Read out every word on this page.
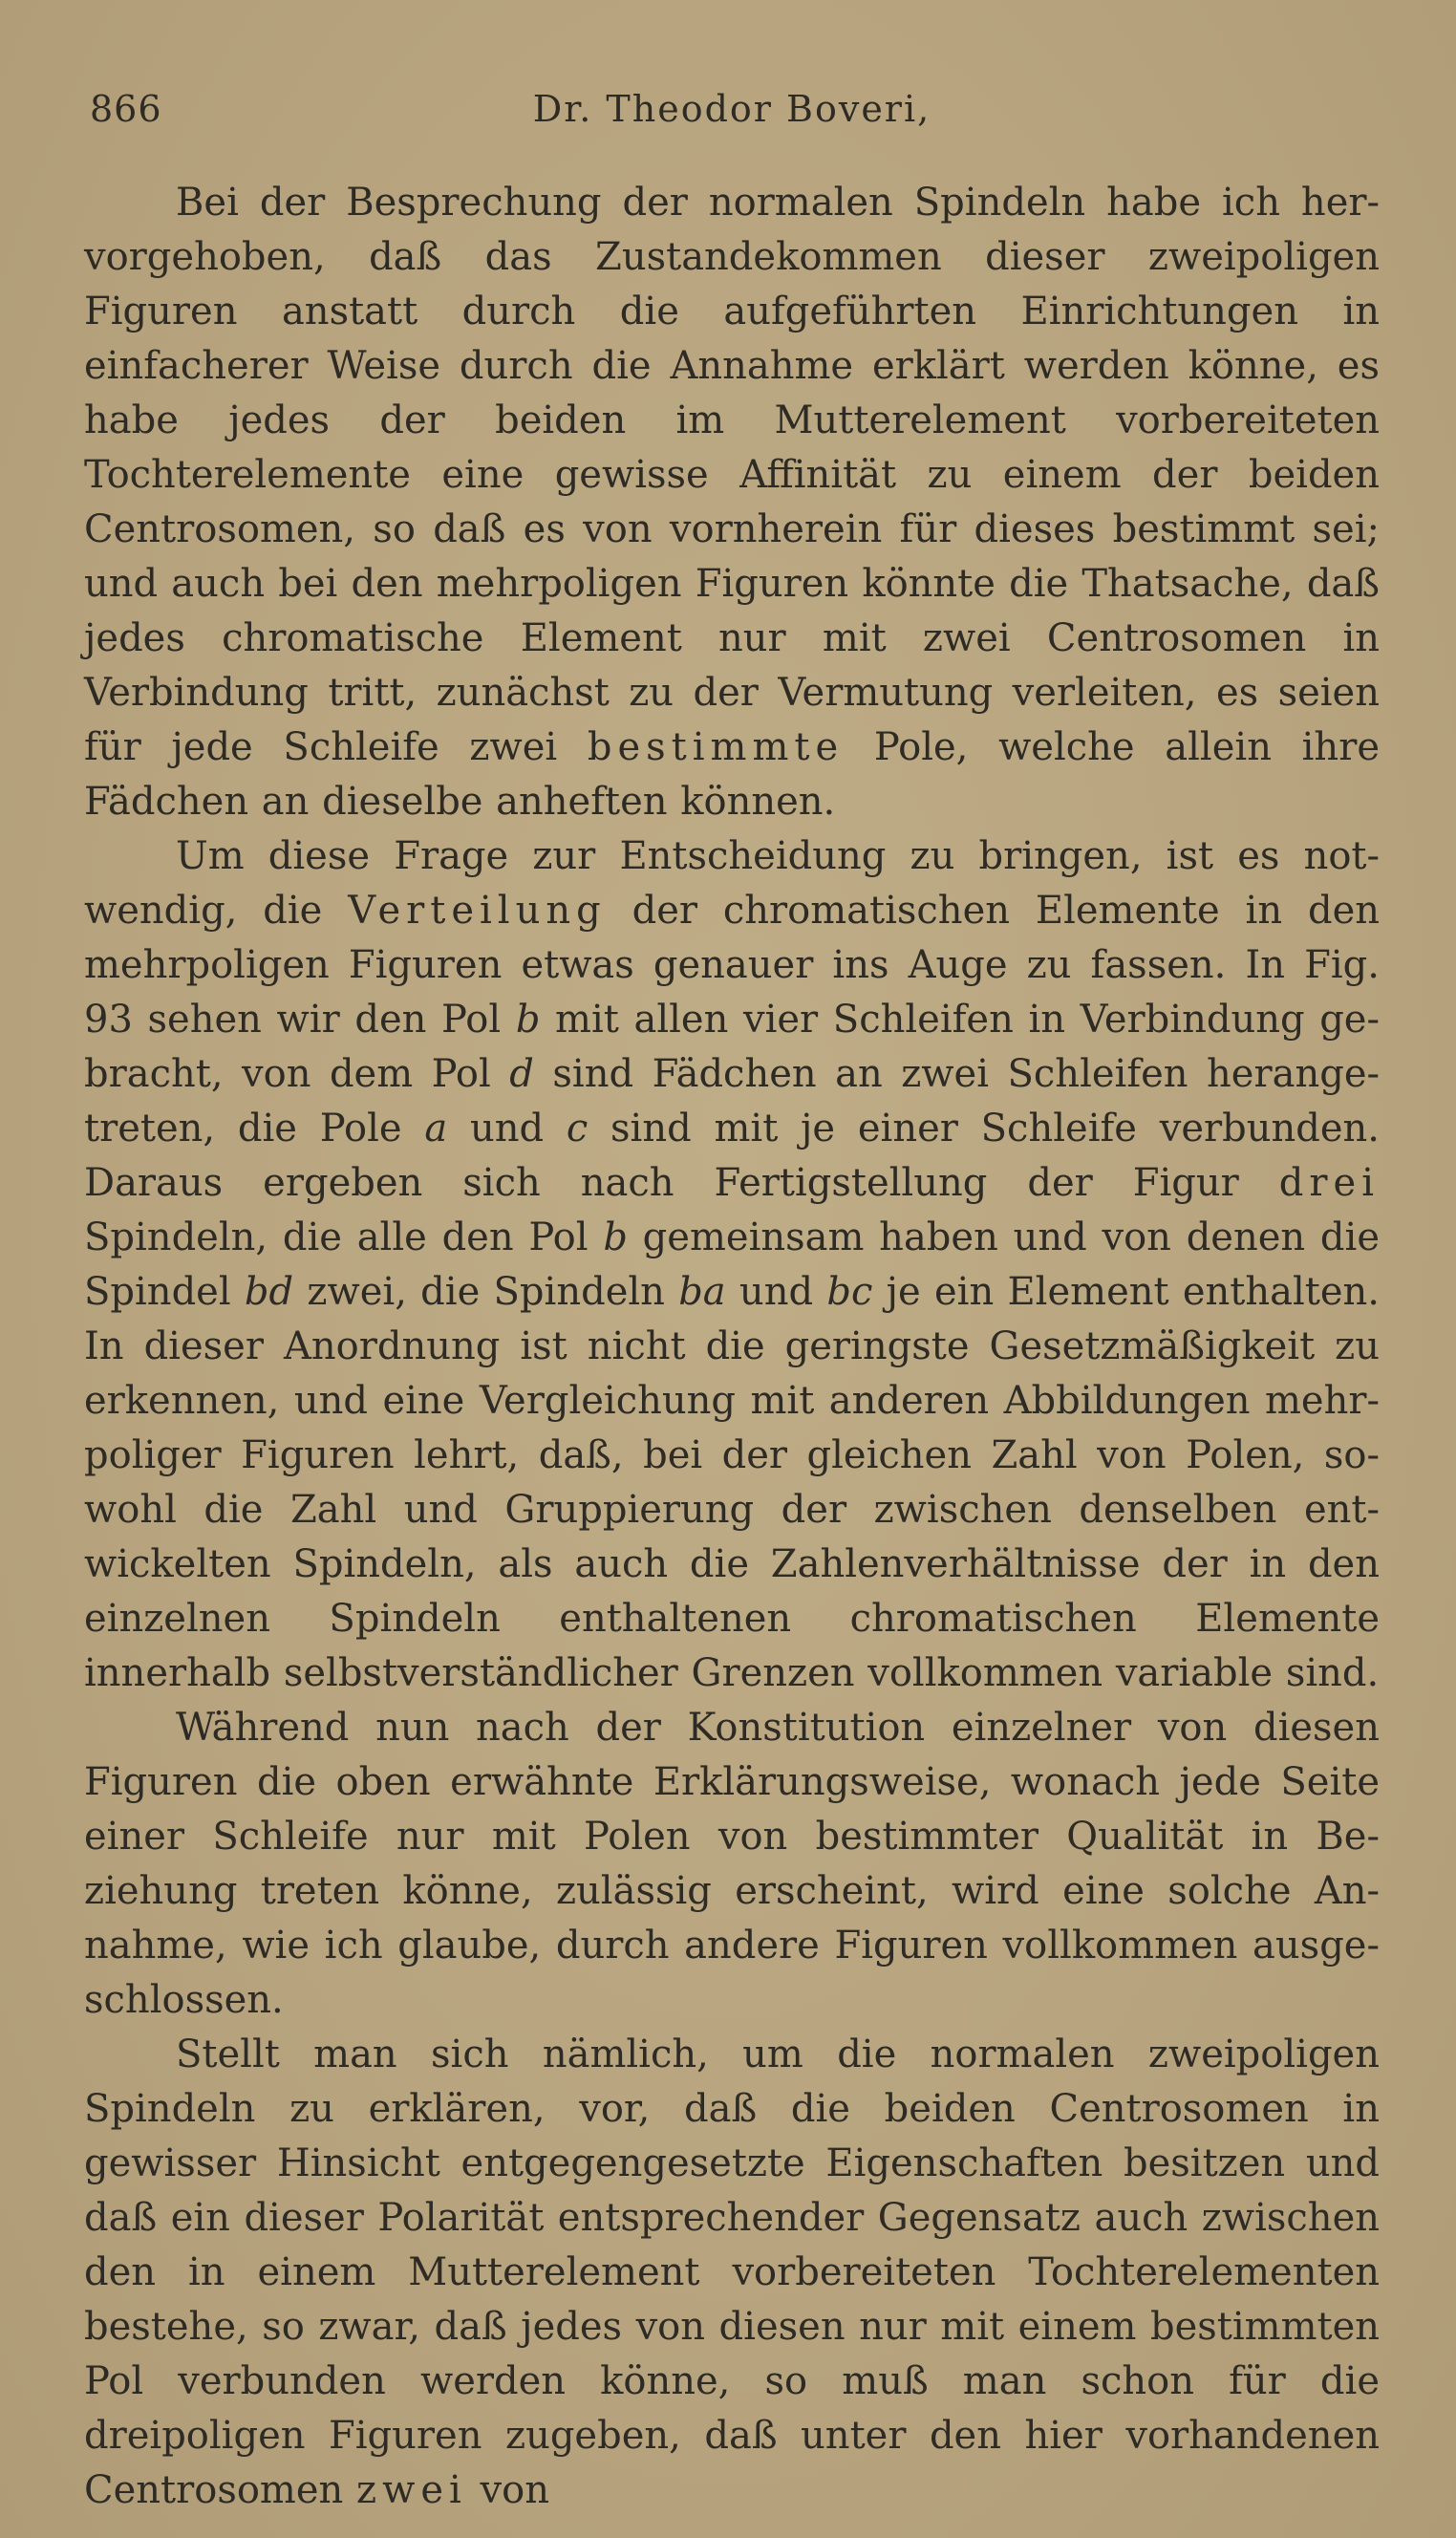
866	Dr. Theodor Boveri,

Bei der Besprechung der normalen Spindeln habe ich hervorgehoben, daß das Zustandekommen dieser zweipoligen Figuren anstatt durch die aufgeführten Einrichtungen in einfacherer Weise durch die Annahme erklärt werden könne, es habe jedes der beiden im Mutterelement vorbereiteten Tochterelemente eine gewisse Affinität zu einem der beiden Centrosomen, so daß es von vornherein für dieses bestimmt sei; und auch bei den mehrpoligen Figuren könnte die Thatsache, daß jedes chromatische Element nur mit zwei Centrosomen in Verbindung tritt, zunächst zu der Vermutung verleiten, es seien für jede Schleife zwei bestimmte Pole, welche allein ihre Fädchen an dieselbe anheften können.

Um diese Frage zur Entscheidung zu bringen, ist es notwendig, die Verteilung der chromatischen Elemente in den mehrpoligen Figuren etwas genauer ins Auge zu fassen. In Fig. 93 sehen wir den Pol b mit allen vier Schleifen in Verbindung gebracht, von dem Pol d sind Fädchen an zwei Schleifen herangetreten, die Pole a und c sind mit je einer Schleife verbunden. Daraus ergeben sich nach Fertigstellung der Figur drei Spindeln, die alle den Pol b gemeinsam haben und von denen die Spindel bd zwei, die Spindeln ba und bc je ein Element enthalten. In dieser Anordnung ist nicht die geringste Gesetzmäßigkeit zu erkennen, und eine Vergleichung mit anderen Abbildungen mehrpoliger Figuren lehrt, daß, bei der gleichen Zahl von Polen, sowohl die Zahl und Gruppierung der zwischen denselben entwickelten Spindeln, als auch die Zahlenverhältnisse der in den einzelnen Spindeln enthaltenen chromatischen Elemente innerhalb selbstverständlicher Grenzen vollkommen variable sind.

Während nun nach der Konstitution einzelner von diesen Figuren die oben erwähnte Erklärungsweise, wonach jede Seite einer Schleife nur mit Polen von bestimmter Qualität in Beziehung treten könne, zulässig erscheint, wird eine solche Annahme, wie ich glaube, durch andere Figuren vollkommen ausgeschlossen.

Stellt man sich nämlich, um die normalen zweipoligen Spindeln zu erklären, vor, daß die beiden Centrosomen in gewisser Hinsicht entgegengesetzte Eigenschaften besitzen und daß ein dieser Polarität entsprechender Gegensatz auch zwischen den in einem Mutterelement vorbereiteten Tochterelementen bestehe, so zwar, daß jedes von diesen nur mit einem bestimmten Pol verbunden werden könne, so muß man schon für die dreipoligen Figuren zugeben, daß unter den hier vorhandenen Centrosomen zwei von
